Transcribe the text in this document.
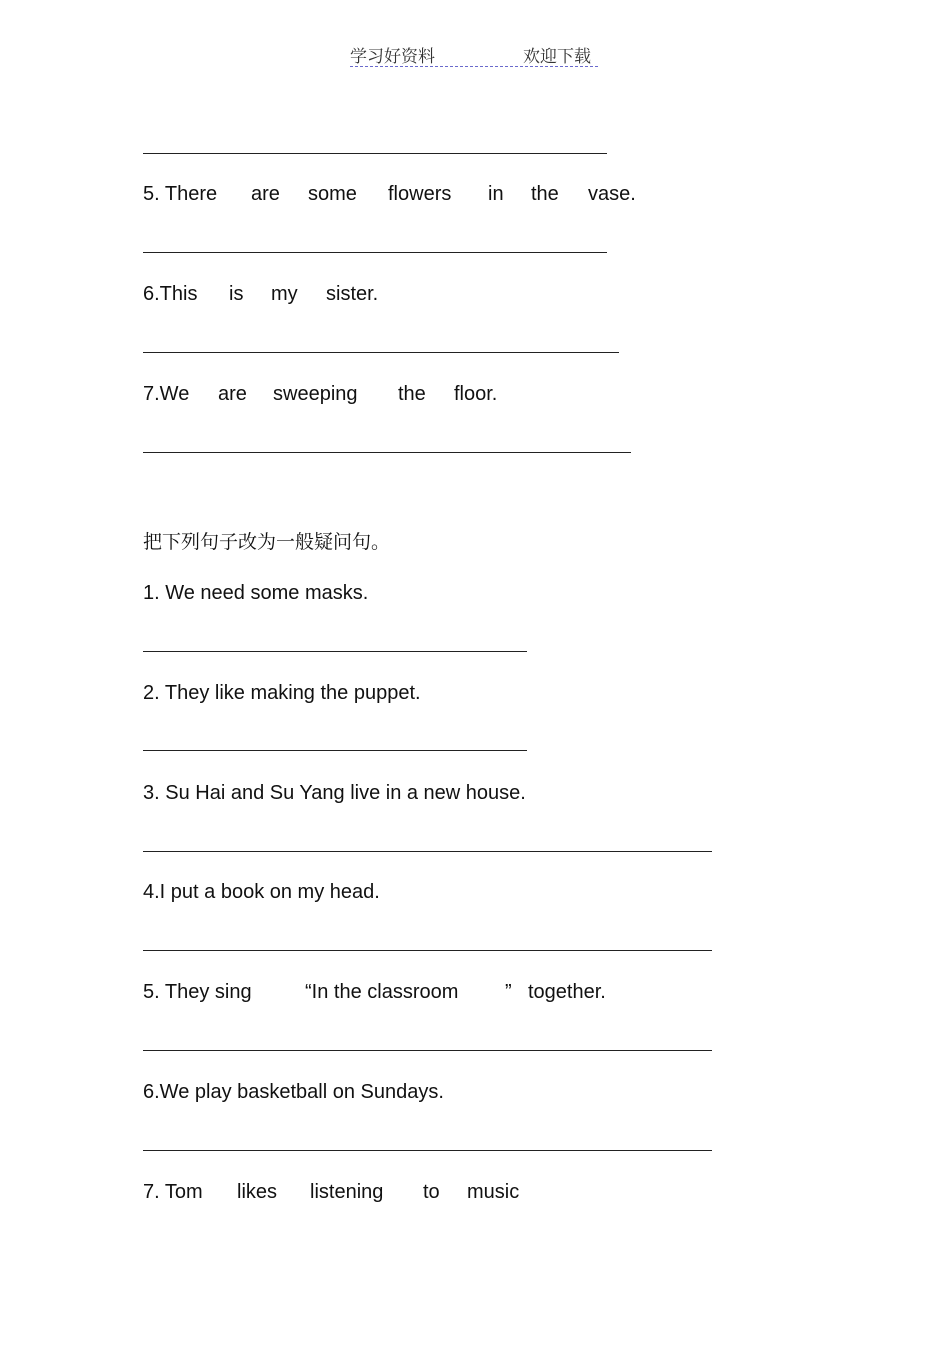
学习好资料	欢迎下载
5. There are some flowers in the vase.
6.This is my sister.
7.We are sweeping the floor.
把下列句子改为一般疑问句。
1. We need some masks.
2. They like making the puppet.
3. Su Hai and Su Yang live in a new house.
4.I put a book on my head.
5. They sing	“In the classroom ” together.
6.We play basketball on Sundays.
7. Tom likes listening to music
